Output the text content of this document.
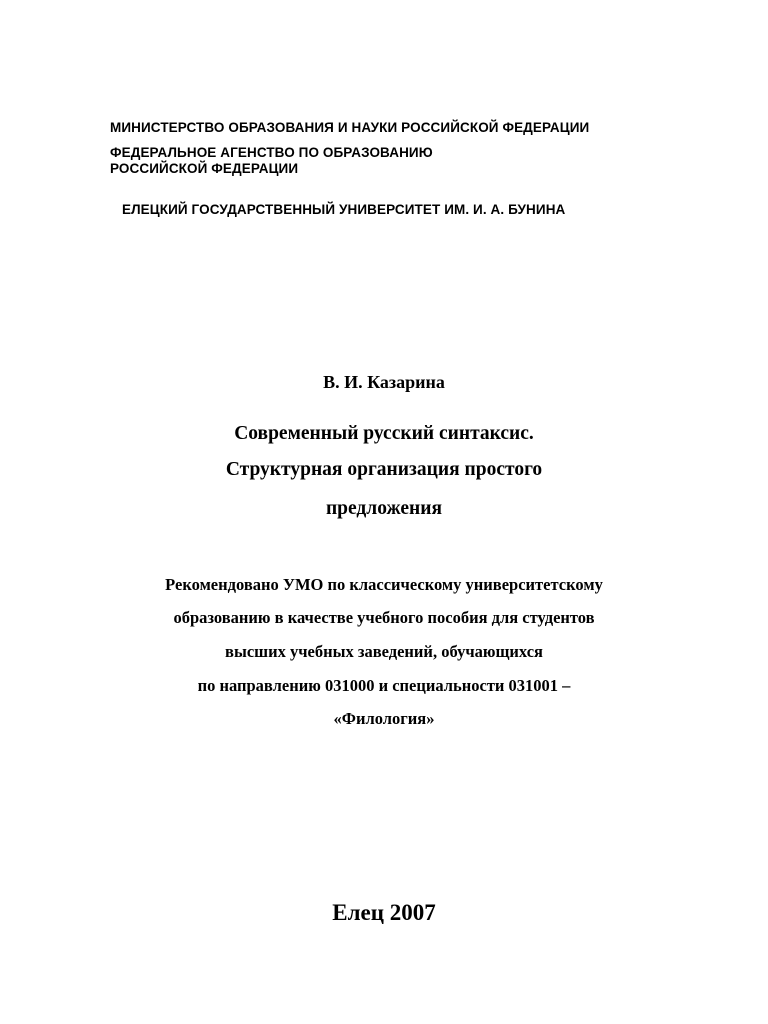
МИНИСТЕРСТВО ОБРАЗОВАНИЯ И НАУКИ РОССИЙСКОЙ ФЕДЕРАЦИИ

ФЕДЕРАЛЬНОЕ АГЕНСТВО ПО ОБРАЗОВАНИЮ

РОССИЙСКОЙ ФЕДЕРАЦИИ

ЕЛЕЦКИЙ ГОСУДАРСТВЕННЫЙ УНИВЕРСИТЕТ ИМ. И. А. БУНИНА

В. И. Казарина

Современный русский синтаксис.

Структурная организация простого

предложения

Рекомендовано УМО по классическому университетскому

образованию в качестве учебного пособия для студентов

высших учебных заведений, обучающихся

по направлению 031000 и специальности 031001 –

«Филология»

Елец 2007
